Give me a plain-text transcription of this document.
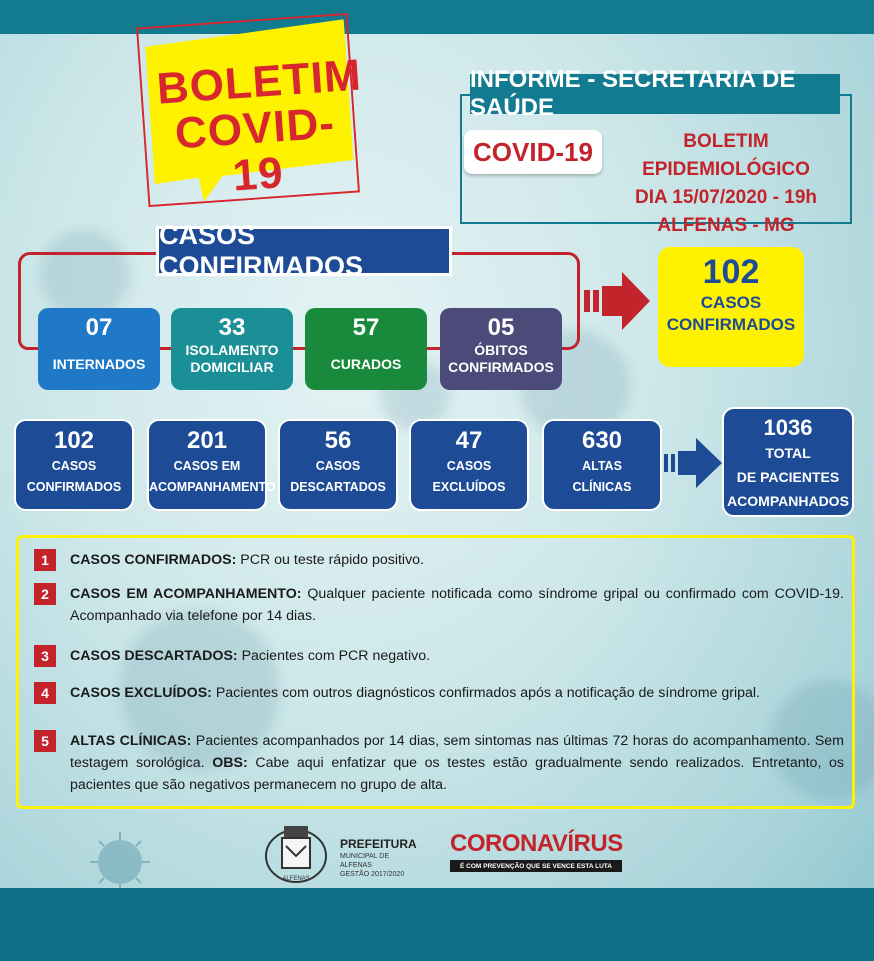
BOLETIM
COVID-19
INFORME - SECRETARIA DE SAÚDE
COVID-19	BOLETIM EPIDEMIOLÓGICO
DIA 15/07/2020 - 19h
ALFENAS - MG
CASOS CONFIRMADOS
07
INTERNADOS
33
ISOLAMENTO
DOMICILIAR
57
CURADOS
05
ÓBITOS
CONFIRMADOS
102
CASOS
CONFIRMADOS
102
CASOS
CONFIRMADOS
201
CASOS EM
ACOMPANHAMENTO
56
CASOS
DESCARTADOS
47
CASOS
EXCLUÍDOS
630
ALTAS
CLÍNICAS
1036
TOTAL
DE PACIENTES
ACOMPANHADOS
1	CASOS CONFIRMADOS: PCR ou teste rápido positivo.
2	CASOS EM ACOMPANHAMENTO: Qualquer paciente notificada como síndrome gripal ou confirmado com COVID-19. Acompanhado via telefone por 14 dias.
3	CASOS DESCARTADOS: Pacientes com PCR negativo.
4	CASOS EXCLUÍDOS: Pacientes com outros diagnósticos confirmados após a notificação de síndrome gripal.
5	ALTAS CLÍNICAS: Pacientes acompanhados por 14 dias, sem sintomas nas últimas 72 horas do acompanhamento. Sem testagem sorológica. OBS: Cabe aqui enfatizar que os testes estão gradualmente sendo realizados. Entretanto, os pacientes que são negativos permanecem no grupo de alta.
ALFENAS
PREFEITURA
MUNICIPAL DE ALFENAS
GESTÃO 2017/2020
CORONAVÍRUS
É COM PREVENÇÃO QUE SE VENCE ESTA LUTA
